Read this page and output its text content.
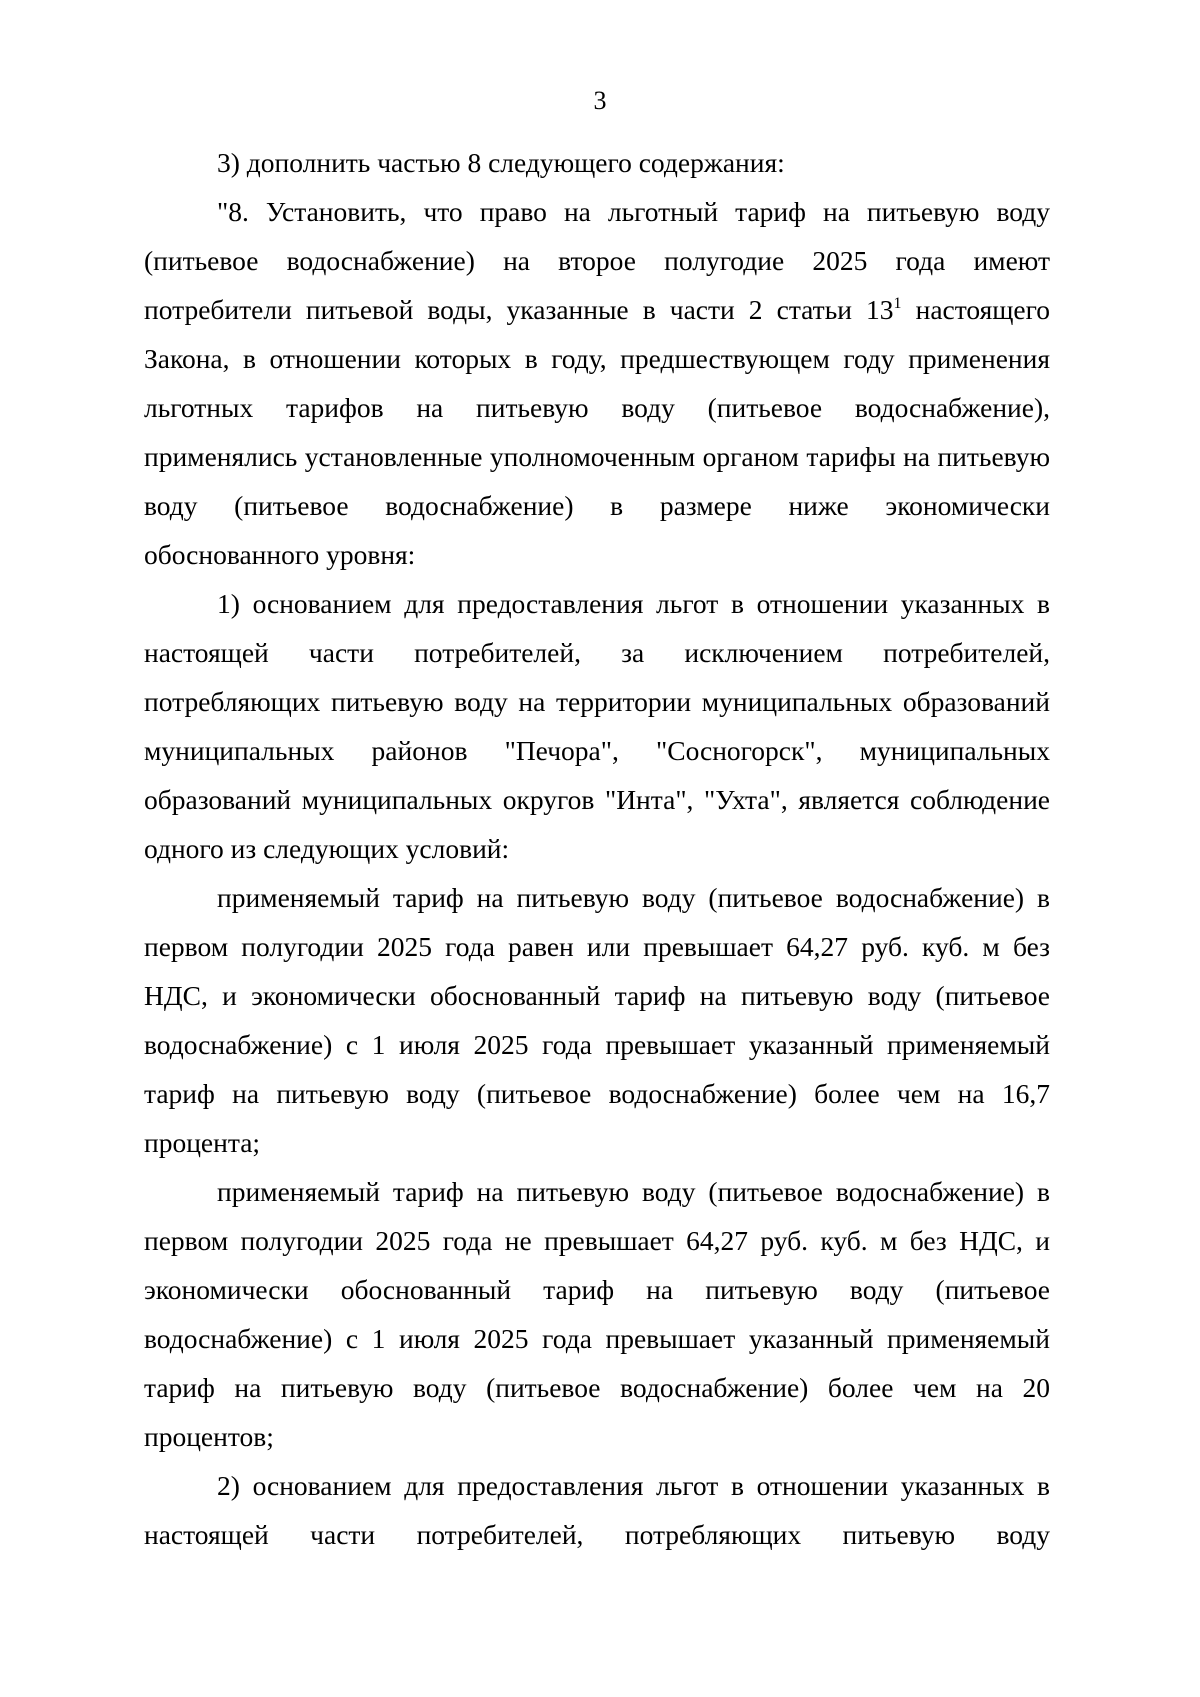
3

3) дополнить частью 8 следующего содержания:

"8. Установить, что право на льготный тариф на питьевую воду (питьевое водоснабжение) на второе полугодие 2025 года имеют потребители питьевой воды, указанные в части 2 статьи $13^1$ настоящего Закона, в отношении которых в году, предшествующем году применения льготных тарифов на питьевую воду (питьевое водоснабжение), применялись установленные уполномоченным органом тарифы на питьевую воду (питьевое водоснабжение) в размере ниже экономически обоснованного уровня:

1) основанием для предоставления льгот в отношении указанных в настоящей части потребителей, за исключением потребителей, потребляющих питьевую воду на территории муниципальных образований муниципальных районов "Печора", "Сосногорск", муниципальных образований муниципальных округов "Инта", "Ухта", является соблюдение одного из следующих условий:

применяемый тариф на питьевую воду (питьевое водоснабжение) в первом полугодии 2025 года равен или превышает 64,27 руб. куб. м без НДС, и экономически обоснованный тариф на питьевую воду (питьевое водоснабжение) с 1 июля 2025 года превышает указанный применяемый тариф на питьевую воду (питьевое водоснабжение) более чем на 16,7 процента;

применяемый тариф на питьевую воду (питьевое водоснабжение) в первом полугодии 2025 года не превышает 64,27 руб. куб. м без НДС, и экономически обоснованный тариф на питьевую воду (питьевое водоснабжение) с 1 июля 2025 года превышает указанный применяемый тариф на питьевую воду (питьевое водоснабжение) более чем на 20 процентов;

2) основанием для предоставления льгот в отношении указанных в настоящей части потребителей, потребляющих питьевую воду
